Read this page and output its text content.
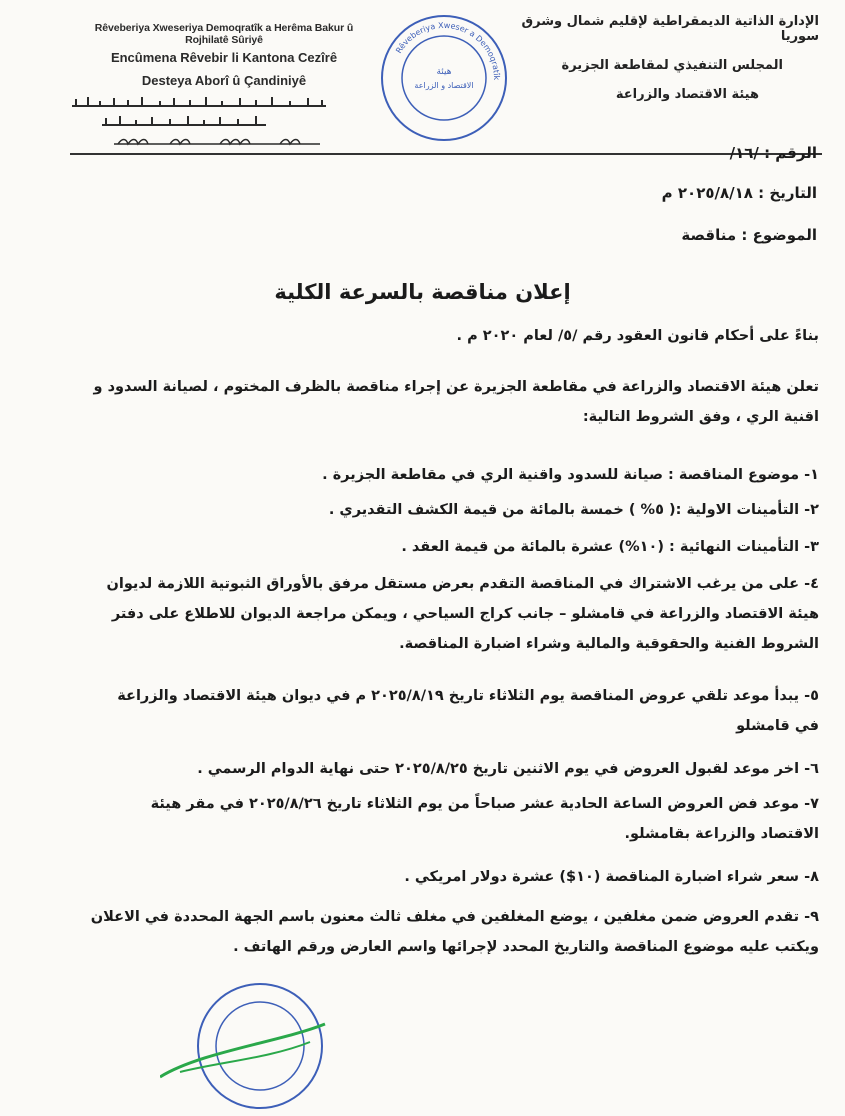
Rêveberiya Xweseriya Demoqratîk a Herêma Bakur û Rojhilatê Sûriyê
Encûmena Rêvebir li Kantona Cezîrê
Desteya Aborî û Çandiniyê
الإدارة الذاتية الديمقراطية لإقليم شمال وشرق سوريا
المجلس التنفيذي لمقاطعة الجزيرة
هيئة الاقتصاد والزراعة
Rêveberiya Xweser a Demoqratîk
هيئة
الاقتصاد و الزراعة
الرقم : /١٦/
التاريخ : ٢٠٢٥/٨/١٨ م
الموضوع : مناقصة
إعلان مناقصة بالسرعة الكلية
بناءً على أحكام قانون العقود رقم /٥/ لعام ٢٠٢٠ م .
تعلن هيئة الاقتصاد والزراعة في مقاطعة الجزيرة عن إجراء مناقصة بالظرف المختوم ، لصيانة السدود و اقنية الري ، وفق الشروط التالية:
١- موضوع المناقصة : صيانة للسدود واقنية الري في مقاطعة الجزيرة .
٢- التأمينات الاولية :( ٥% ) خمسة بالمائة من قيمة الكشف التقديري .
٣- التأمينات النهائية : (١٠%) عشرة بالمائة من قيمة العقد .
٤- على من يرغب الاشتراك في المناقصة التقدم بعرض مستقل مرفق بالأوراق الثبوتية اللازمة لديوان هيئة الاقتصاد والزراعة في قامشلو – جانب كراج السياحي ، ويمكن مراجعة الديوان للاطلاع على دفتر الشروط الفنية والحقوقية والمالية وشراء اضبارة المناقصة.
٥- يبدأ موعد تلقي عروض المناقصة يوم الثلاثاء تاريخ ٢٠٢٥/٨/١٩ م في ديوان هيئة الاقتصاد والزراعة في قامشلو
٦- اخر موعد لقبول العروض في يوم الاثنين تاريخ ٢٠٢٥/٨/٢٥ حتى نهاية الدوام الرسمي .
٧- موعد فض العروض الساعة الحادية عشر صباحاً من يوم الثلاثاء تاريخ ٢٠٢٥/٨/٢٦ في مقر هيئة الاقتصاد والزراعة بقامشلو.
٨- سعر شراء اضبارة المناقصة (١٠$) عشرة دولار امريكي .
٩- تقدم العروض ضمن مغلفين ، يوضع المغلفين في مغلف ثالث معنون باسم الجهة المحددة في الاعلان ويكتب عليه موضوع المناقصة والتاريخ المحدد لإجرائها واسم العارض ورقم الهاتف .
